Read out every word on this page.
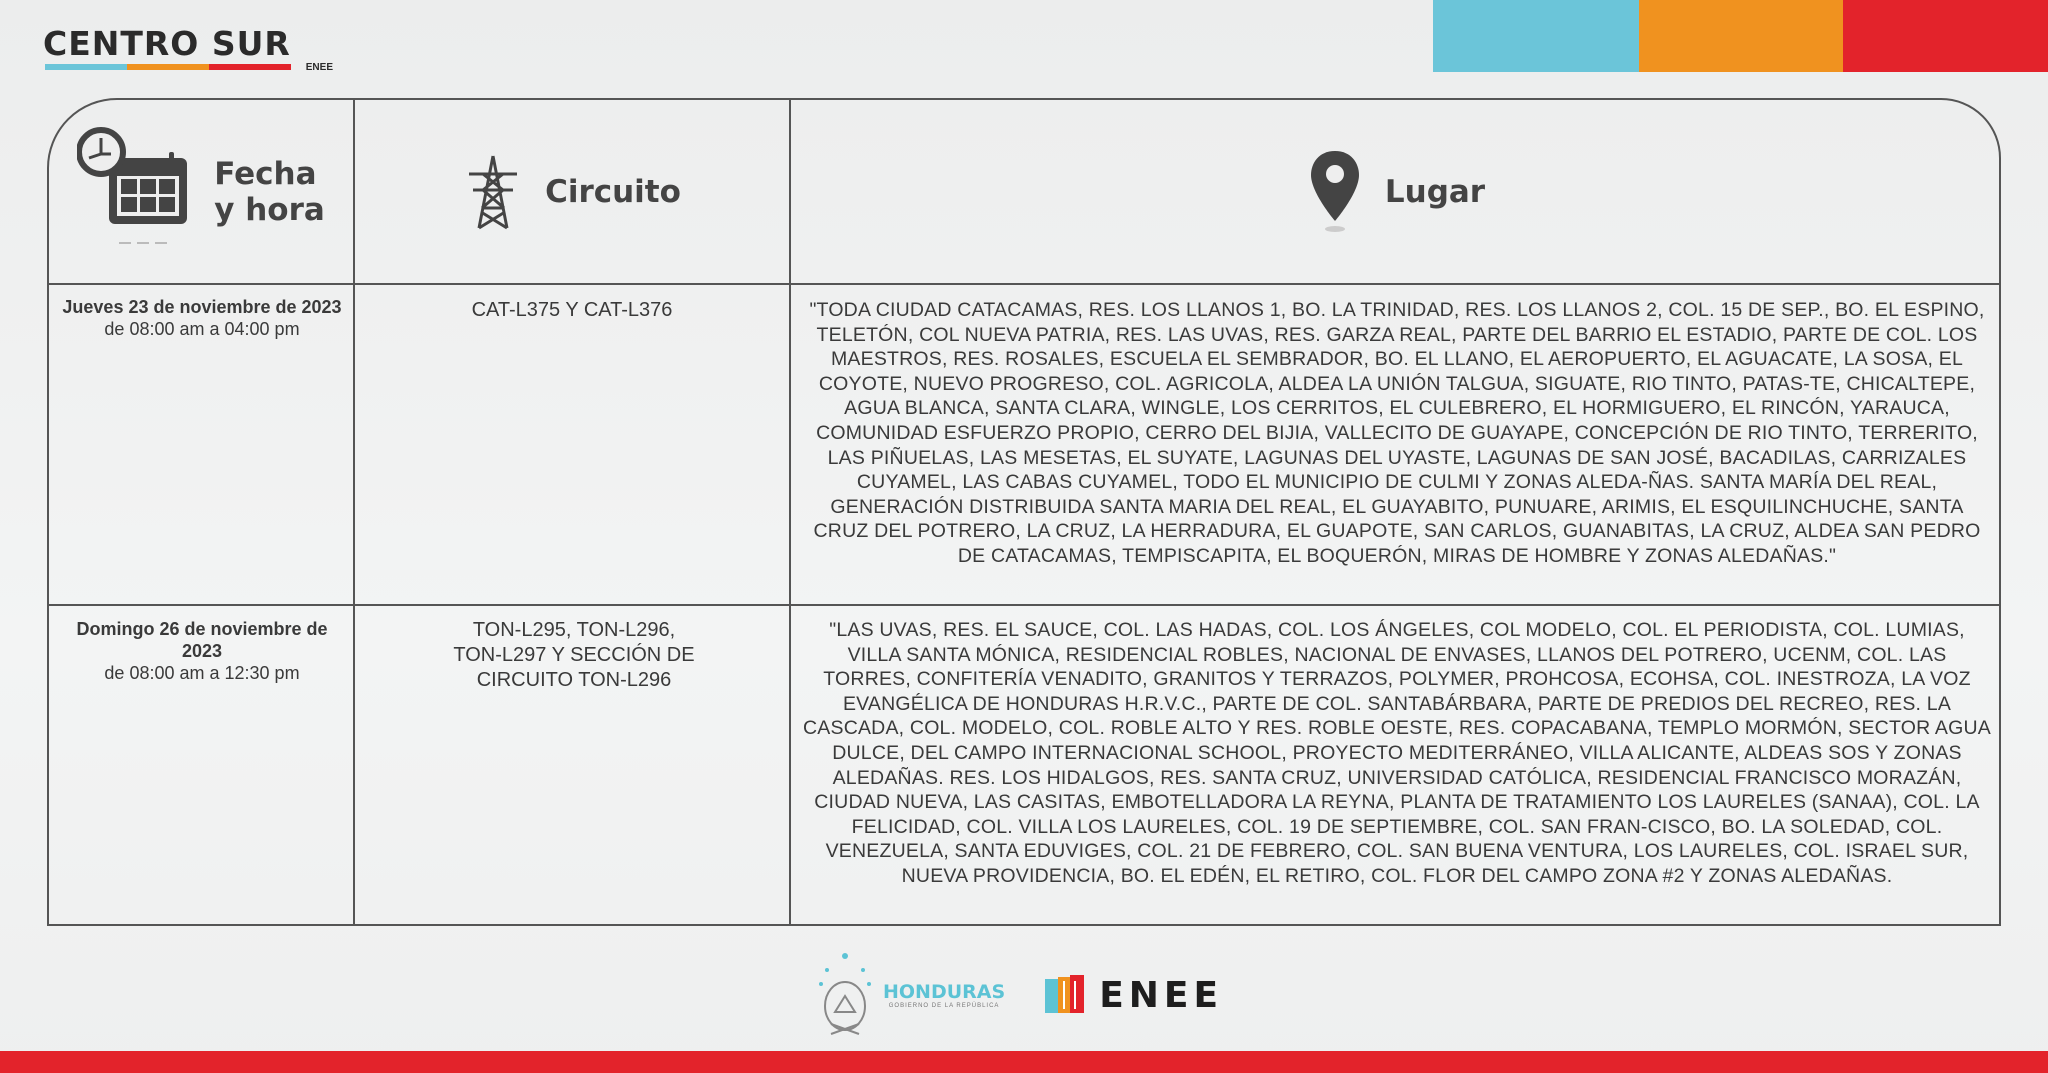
CENTRO SUR
ENEE
Fecha
y hora	Circuito	Lugar
Jueves 23 de noviembre de 2023
de 08:00 am a 04:00 pm
CAT-L375 Y CAT-L376	"TODA CIUDAD CATACAMAS, RES. LOS LLANOS 1, BO. LA TRINIDAD, RES. LOS LLANOS 2, COL. 15 DE SEP., BO. EL ESPINO, TELETÓN, COL NUEVA PATRIA, RES. LAS UVAS, RES. GARZA REAL, PARTE DEL BARRIO EL ESTADIO, PARTE DE COL. LOS MAESTROS, RES. ROSALES, ESCUELA EL SEMBRADOR, BO. EL LLANO, EL AEROPUERTO, EL AGUACATE, LA SOSA, EL COYOTE, NUEVO PROGRESO, COL. AGRICOLA, ALDEA LA UNIÓN TALGUA, SIGUATE, RIO TINTO, PATAS-TE, CHICALTEPE, AGUA BLANCA, SANTA CLARA, WINGLE, LOS CERRITOS, EL CULEBRERO, EL HORMIGUERO, EL RINCÓN, YARAUCA, COMUNIDAD ESFUERZO PROPIO, CERRO DEL BIJIA, VALLECITO DE GUAYAPE, CONCEPCIÓN DE RIO TINTO, TERRERITO, LAS PIÑUELAS, LAS MESETAS, EL SUYATE, LAGUNAS DEL UYASTE, LAGUNAS DE SAN JOSÉ, BACADILAS, CARRIZALES CUYAMEL, LAS CABAS CUYAMEL, TODO EL MUNICIPIO DE CULMI Y ZONAS ALEDA-ÑAS. SANTA MARÍA DEL REAL, GENERACIÓN DISTRIBUIDA SANTA MARIA DEL REAL, EL GUAYABITO, PUNUARE, ARIMIS, EL ESQUILINCHUCHE, SANTA CRUZ DEL POTRERO, LA CRUZ, LA HERRADURA, EL GUAPOTE, SAN CARLOS, GUANABITAS, LA CRUZ, ALDEA SAN PEDRO DE CATACAMAS, TEMPISCAPITA, EL BOQUERÓN, MIRAS DE HOMBRE Y ZONAS ALEDAÑAS."
Domingo 26 de noviembre de 2023
de 08:00 am a 12:30 pm
TON-L295, TON-L296, TON-L297 Y SECCIÓN DE CIRCUITO TON-L296
"LAS UVAS, RES. EL SAUCE, COL. LAS HADAS, COL. LOS ÁNGELES, COL MODELO, COL. EL PERIODISTA, COL. LUMIAS, VILLA SANTA MÓNICA, RESIDENCIAL ROBLES, NACIONAL DE ENVASES, LLANOS DEL POTRERO, UCENM, COL. LAS TORRES, CONFITERÍA VENADITO, GRANITOS Y TERRAZOS, POLYMER, PROHCOSA, ECOHSA, COL. INESTROZA, LA VOZ EVANGÉLICA DE HONDURAS H.R.V.C., PARTE DE COL. SANTABÁRBARA, PARTE DE PREDIOS DEL RECREO, RES. LA CASCADA, COL. MODELO, COL. ROBLE ALTO Y RES. ROBLE OESTE, RES. COPACABANA, TEMPLO MORMÓN, SECTOR AGUA DULCE, DEL CAMPO INTERNACIONAL SCHOOL, PROYECTO MEDITERRÁNEO, VILLA ALICANTE, ALDEAS SOS Y ZONAS ALEDAÑAS. RES. LOS HIDALGOS, RES. SANTA CRUZ, UNIVERSIDAD CATÓLICA, RESIDENCIAL FRANCISCO MORAZÁN, CIUDAD NUEVA, LAS CASITAS, EMBOTELLADORA LA REYNA, PLANTA DE TRATAMIENTO LOS LAURELES (SANAA), COL. LA FELICIDAD, COL. VILLA LOS LAURELES, COL. 19 DE SEPTIEMBRE, COL. SAN FRAN-CISCO, BO. LA SOLEDAD, COL. VENEZUELA, SANTA EDUVIGES, COL. 21 DE FEBRERO, COL. SAN BUENA VENTURA, LOS LAURELES, COL. ISRAEL SUR, NUEVA PROVIDENCIA, BO. EL EDÉN, EL RETIRO, COL. FLOR DEL CAMPO ZONA #2 Y ZONAS ALEDAÑAS.
HONDURAS
GOBIERNO DE LA REPÚBLICA	ENEE
